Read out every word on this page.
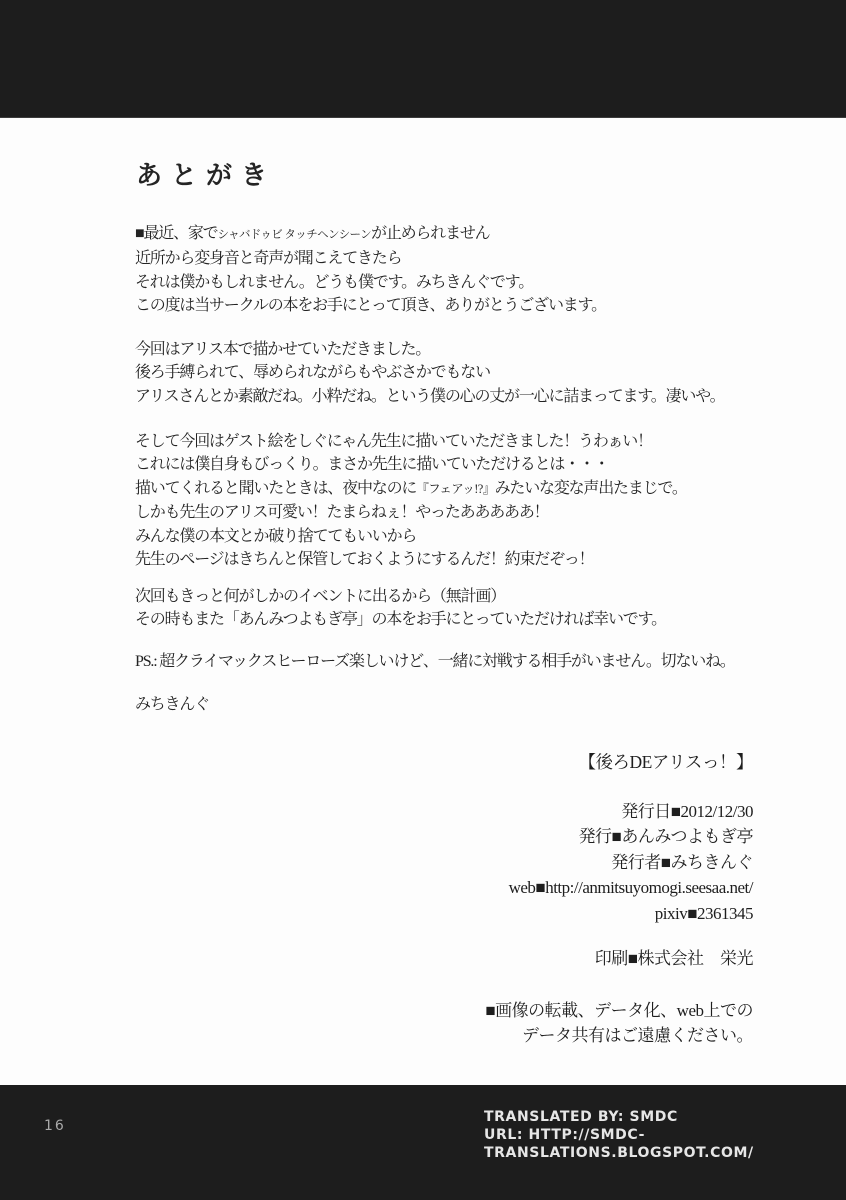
あとがき
■最近、家でシャバドゥビ タッチヘンシーンが止められません
近所から変身音と奇声が聞こえてきたら
それは僕かもしれません。どうも僕です。みちきんぐです。
この度は当サークルの本をお手にとって頂き、ありがとうございます。
今回はアリス本で描かせていただきました。
後ろ手縛られて、辱められながらもやぶさかでもない
アリスさんとか素敵だね。小粋だね。という僕の心の丈が一心に詰まってます。凄いや。
そして今回はゲスト絵をしぐにゃん先生に描いていただきました！うわぁい！
これには僕自身もびっくり。まさか先生に描いていただけるとは・・・
描いてくれると聞いたときは、夜中なのに『フェアッ!?』みたいな変な声出たまじで。
しかも先生のアリス可愛い！たまらねぇ！やったあああああ！
みんな僕の本文とか破り捨ててもいいから
先生のページはきちんと保管しておくようにするんだ！約束だぞっ！
次回もきっと何がしかのイベントに出るから（無計画）
その時もまた「あんみつよもぎ亭」の本をお手にとっていただければ幸いです。
PS.: 超クライマックスヒーローズ楽しいけど、一緒に対戦する相手がいません。切ないね。
みちきんぐ
【後ろDEアリスっ！】
発行日■2012/12/30
発行■あんみつよもぎ亭
発行者■みちきんぐ
web■http://anmitsuyomogi.seesaa.net/
pixiv■2361345
印刷■株式会社　栄光
■画像の転載、データ化、web上での
データ共有はご遠慮ください。
16
TRANSLATED BY: SMDC
URL: HTTP://SMDC-
TRANSLATIONS.BLOGSPOT.COM/
